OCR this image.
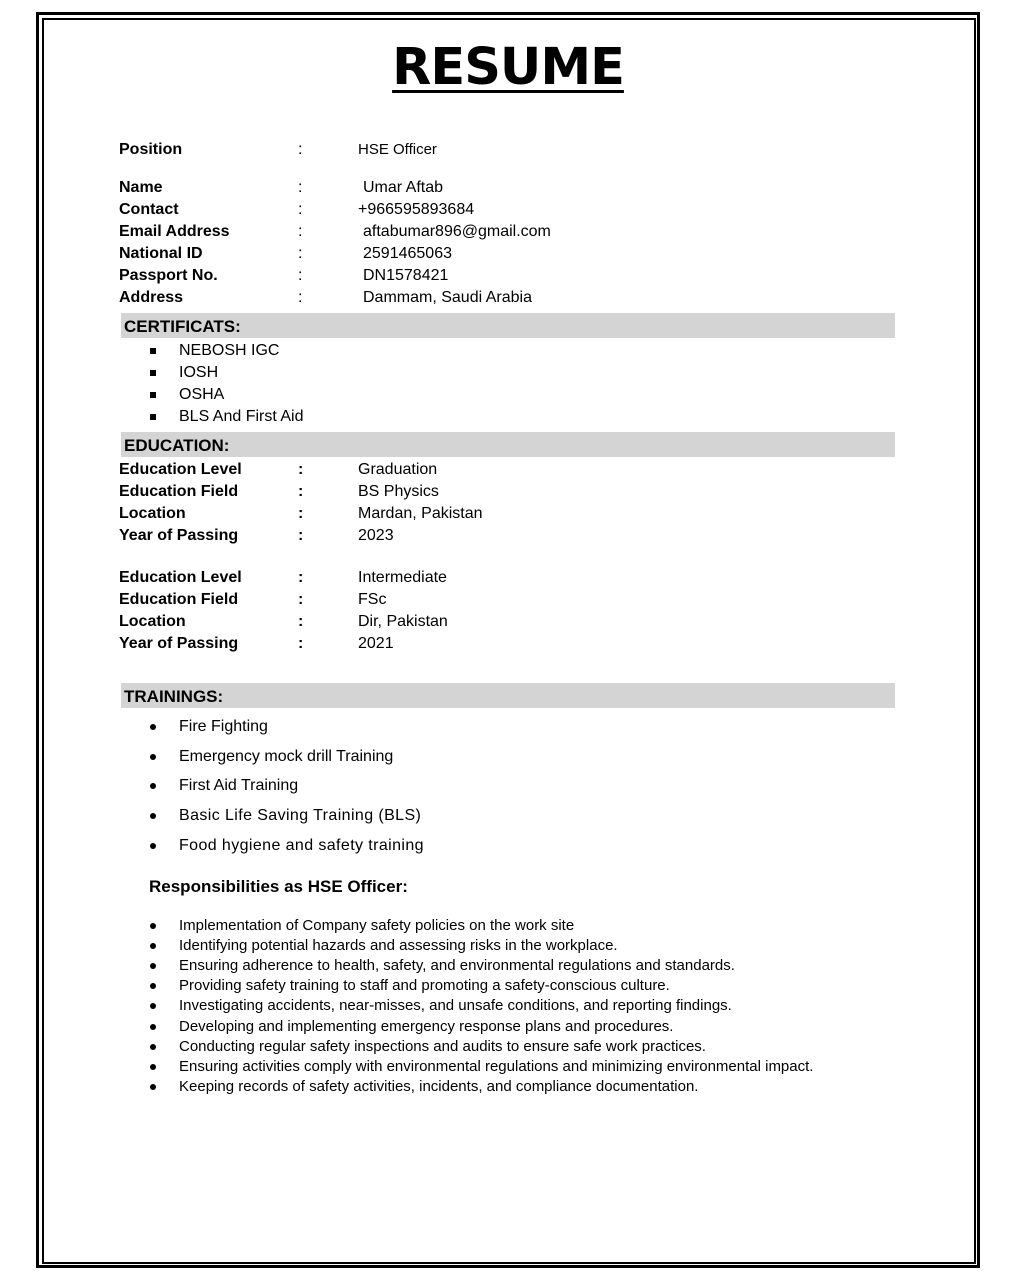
RESUME
Position	:	HSE Officer
Name	:	Umar Aftab
Contact	:	+966595893684
Email Address	:	aftabumar896@gmail.com
National ID	:	2591465063
Passport No.	:	DN1578421
Address	:	Dammam, Saudi Arabia
CERTIFICATS:
NEBOSH IGC
IOSH
OSHA
BLS And First Aid
EDUCATION:
Education Level	:	Graduation
Education Field	:	BS Physics
Location	:	Mardan, Pakistan
Year of Passing	:	2023
Education Level	:	Intermediate
Education Field	:	FSc
Location	:	Dir, Pakistan
Year of Passing	:	2021
TRAININGS:
Fire Fighting
Emergency mock drill Training
First Aid Training
Basic Life Saving Training (BLS)
Food hygiene and safety training
Responsibilities as HSE Officer:
Implementation of Company safety policies on the work site
Identifying potential hazards and assessing risks in the workplace.
Ensuring adherence to health, safety, and environmental regulations and standards.
Providing safety training to staff and promoting a safety-conscious culture.
Investigating accidents, near-misses, and unsafe conditions, and reporting findings.
Developing and implementing emergency response plans and procedures.
Conducting regular safety inspections and audits to ensure safe work practices.
Ensuring activities comply with environmental regulations and minimizing environmental impact.
Keeping records of safety activities, incidents, and compliance documentation.
